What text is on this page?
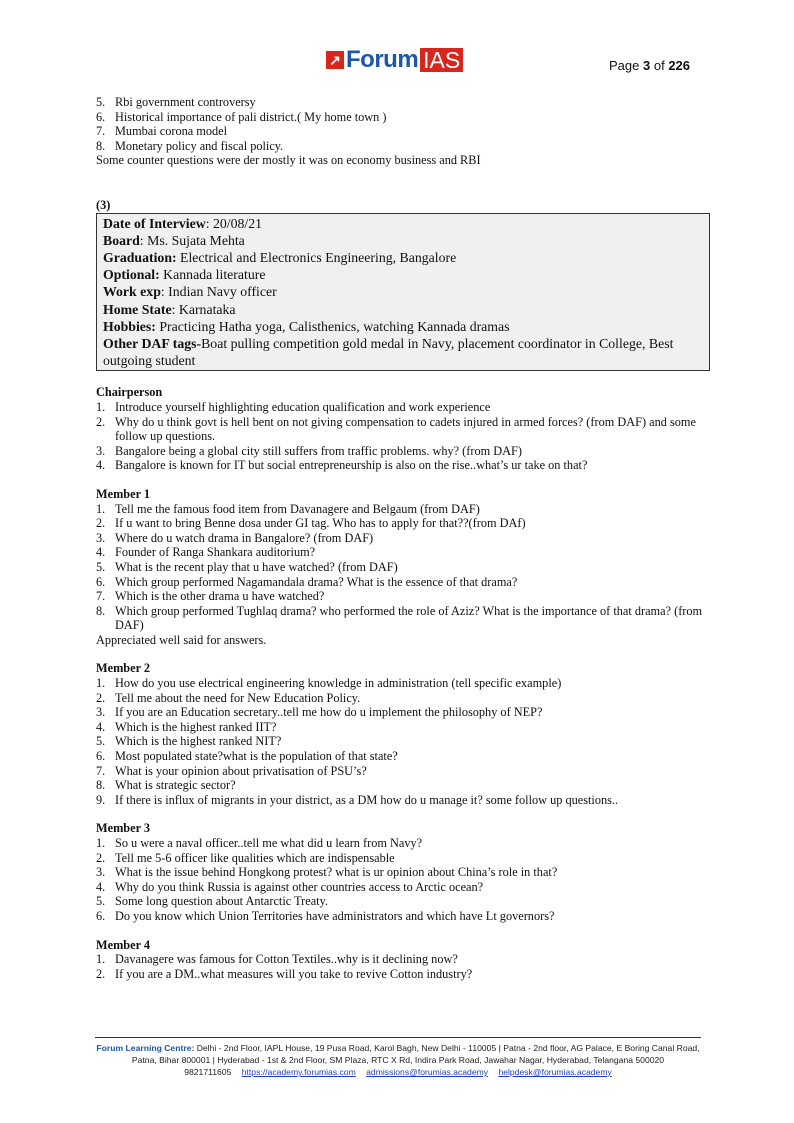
↗ Forum IAS	Page 3 of 226
5. Rbi government controversy
6. Historical importance of pali district.( My home town )
7. Mumbai corona model
8. Monetary policy and fiscal policy.
Some counter questions were der mostly it was on economy business and RBI
(3)
Date of Interview: 20/08/21
Board: Ms. Sujata Mehta
Graduation: Electrical and Electronics Engineering, Bangalore
Optional: Kannada literature
Work exp: Indian Navy officer
Home State: Karnataka
Hobbies: Practicing Hatha yoga, Calisthenics, watching Kannada dramas
Other DAF tags-Boat pulling competition gold medal in Navy, placement coordinator in College, Best outgoing student
Chairperson
1. Introduce yourself highlighting education qualification and work experience
2. Why do u think govt is hell bent on not giving compensation to cadets injured in armed forces? (from DAF) and some follow up questions.
3. Bangalore being a global city still suffers from traffic problems. why? (from DAF)
4. Bangalore is known for IT but social entrepreneurship is also on the rise..what’s ur take on that?
Member 1
1. Tell me the famous food item from Davanagere and Belgaum (from DAF)
2. If u want to bring Benne dosa under GI tag. Who has to apply for that??(from DAf)
3. Where do u watch drama in Bangalore? (from DAF)
4. Founder of Ranga Shankara auditorium?
5. What is the recent play that u have watched? (from DAF)
6. Which group performed Nagamandala drama? What is the essence of that drama?
7. Which is the other drama u have watched?
8. Which group performed Tughlaq drama? who performed the role of Aziz? What is the importance of that drama? (from DAF)
Appreciated well said for answers.
Member 2
1. How do you use electrical engineering knowledge in administration (tell specific example)
2. Tell me about the need for New Education Policy.
3. If you are an Education secretary..tell me how do u implement the philosophy of NEP?
4. Which is the highest ranked IIT?
5. Which is the highest ranked NIT?
6. Most populated state?what is the population of that state?
7. What is your opinion about privatisation of PSU’s?
8. What is strategic sector?
9. If there is influx of migrants in your district, as a DM how do u manage it? some follow up questions..
Member 3
1. So u were a naval officer..tell me what did u learn from Navy?
2. Tell me 5-6 officer like qualities which are indispensable
3. What is the issue behind Hongkong protest? what is ur opinion about China’s role in that?
4. Why do you think Russia is against other countries access to Arctic ocean?
5. Some long question about Antarctic Treaty.
6. Do you know which Union Territories have administrators and which have Lt governors?
Member 4
1. Davanagere was famous for Cotton Textiles..why is it declining now?
2. If you are a DM..what measures will you take to revive Cotton industry?
Forum Learning Centre: Delhi - 2nd Floor, IAPL House, 19 Pusa Road, Karol Bagh, New Delhi - 110005 | Patna - 2nd floor, AG Palace, E Boring Canal Road, Patna, Bihar 800001 | Hyderabad - 1st & 2nd Floor, SM Plaza, RTC X Rd, Indira Park Road, Jawahar Nagar, Hyderabad, Telangana 500020
9821711605 https://academy.forumias.com admissions@forumias.academy helpdesk@forumias.academy
